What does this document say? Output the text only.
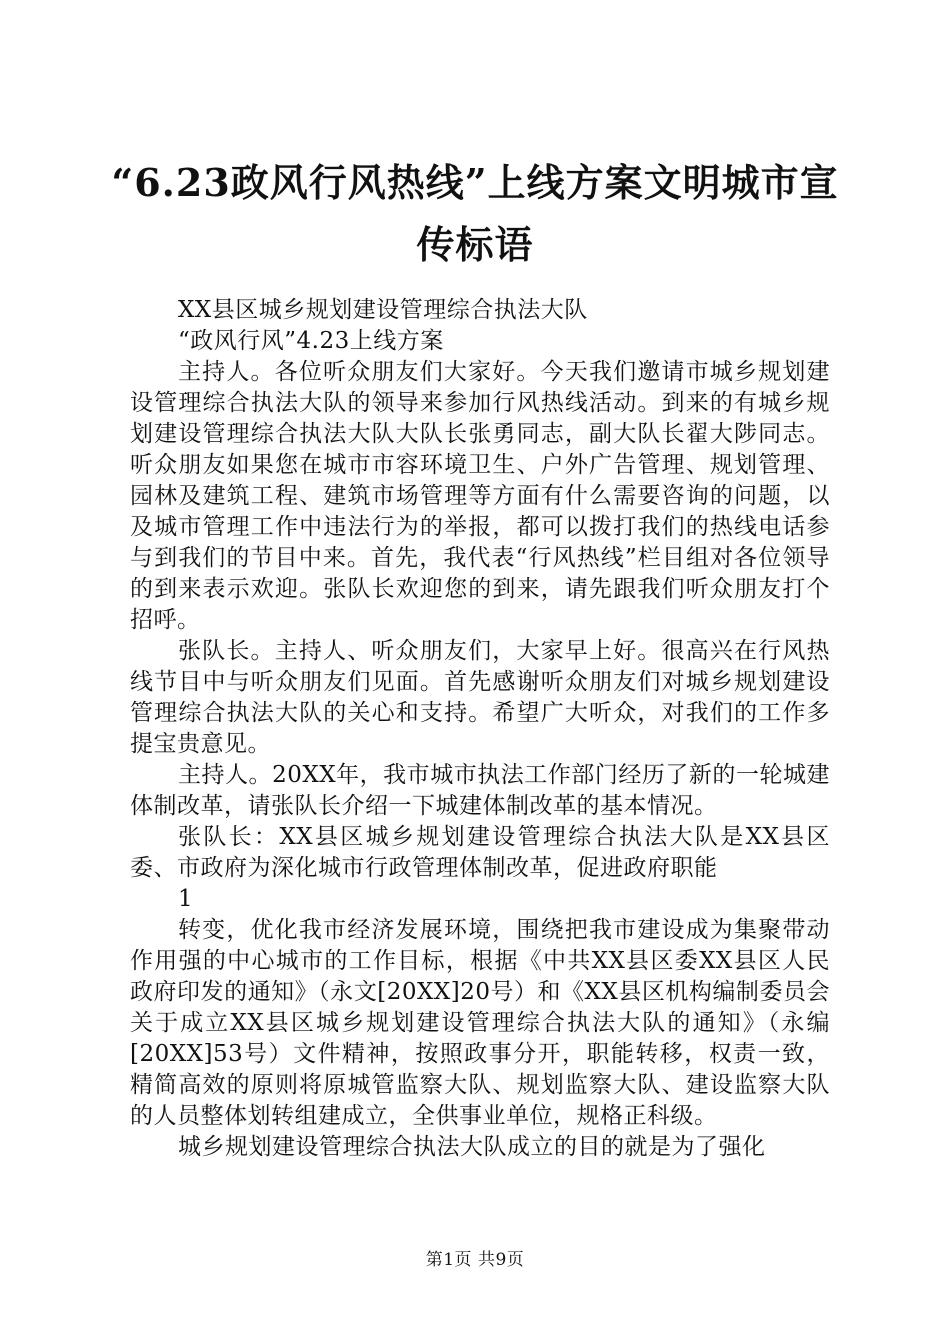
“6.23政风行风热线”上线方案文明城市宣传标语

XX县区城乡规划建设管理综合执法大队

“政风行风”4.23上线方案

主持人。各位听众朋友们大家好。今天我们邀请市城乡规划建设管理综合执法大队的领导来参加行风热线活动。到来的有城乡规划建设管理综合执法大队大队长张勇同志，副大队长翟大陟同志。听众朋友如果您在城市市容环境卫生、户外广告管理、规划管理、园林及建筑工程、建筑市场管理等方面有什么需要咨询的问题，以及城市管理工作中违法行为的举报，都可以拨打我们的热线电话参与到我们的节目中来。首先，我代表“行风热线”栏目组对各位领导的到来表示欢迎。张队长欢迎您的到来，请先跟我们听众朋友打个招呼。

张队长。主持人、听众朋友们，大家早上好。很高兴在行风热线节目中与听众朋友们见面。首先感谢听众朋友们对城乡规划建设管理综合执法大队的关心和支持。希望广大听众，对我们的工作多提宝贵意见。

主持人。20XX年，我市城市执法工作部门经历了新的一轮城建体制改革，请张队长介绍一下城建体制改革的基本情况。

张队长：XX县区城乡规划建设管理综合执法大队是XX县区委、市政府为深化城市行政管理体制改革，促进政府职能

1

转变，优化我市经济发展环境，围绕把我市建设成为集聚带动作用强的中心城市的工作目标，根据《中共XX县区委XX县区人民政府印发的通知》（永文[20XX]20号）和《XX县区机构编制委员会关于成立XX县区城乡规划建设管理综合执法大队的通知》（永编[20XX]53号）文件精神，按照政事分开，职能转移，权责一致，精简高效的原则将原城管监察大队、规划监察大队、建设监察大队的人员整体划转组建成立，全供事业单位，规格正科级。

城乡规划建设管理综合执法大队成立的目的就是为了强化

第1页 共9页
